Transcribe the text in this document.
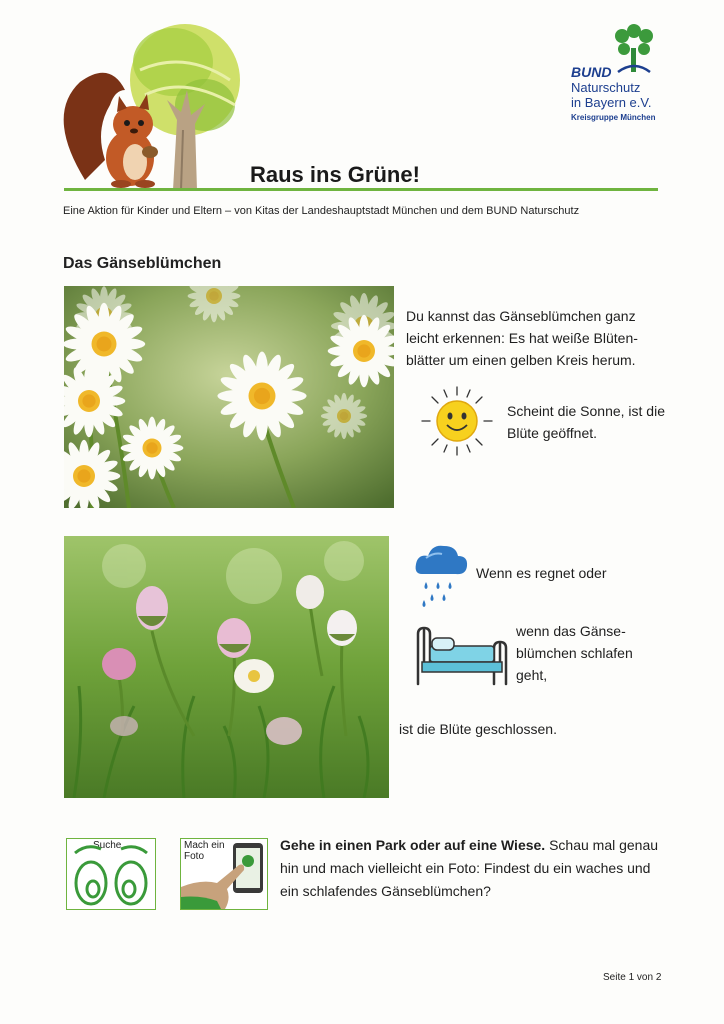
BUND
Naturschutz
in Bayern e.V.
Kreisgruppe München
Raus ins Grüne!
Eine Aktion für Kinder und Eltern – von Kitas der Landeshauptstadt München und dem BUND Naturschutz
Das Gänseblümchen
Du kannst das Gänseblümchen ganz leicht erkennen: Es hat weiße Blüten- blätter um einen gelben Kreis herum.
Scheint die Sonne, ist die Blüte geöffnet.
Wenn es regnet oder
wenn das Gänse- blümchen schlafen geht,
ist die Blüte geschlossen.
Suche	Mach ein
Foto
Gehe in einen Park oder auf eine Wiese. Schau mal genau hin und mach vielleicht ein Foto: Findest du ein waches und ein schlafendes Gänseblümchen?
Seite 1 von 2
